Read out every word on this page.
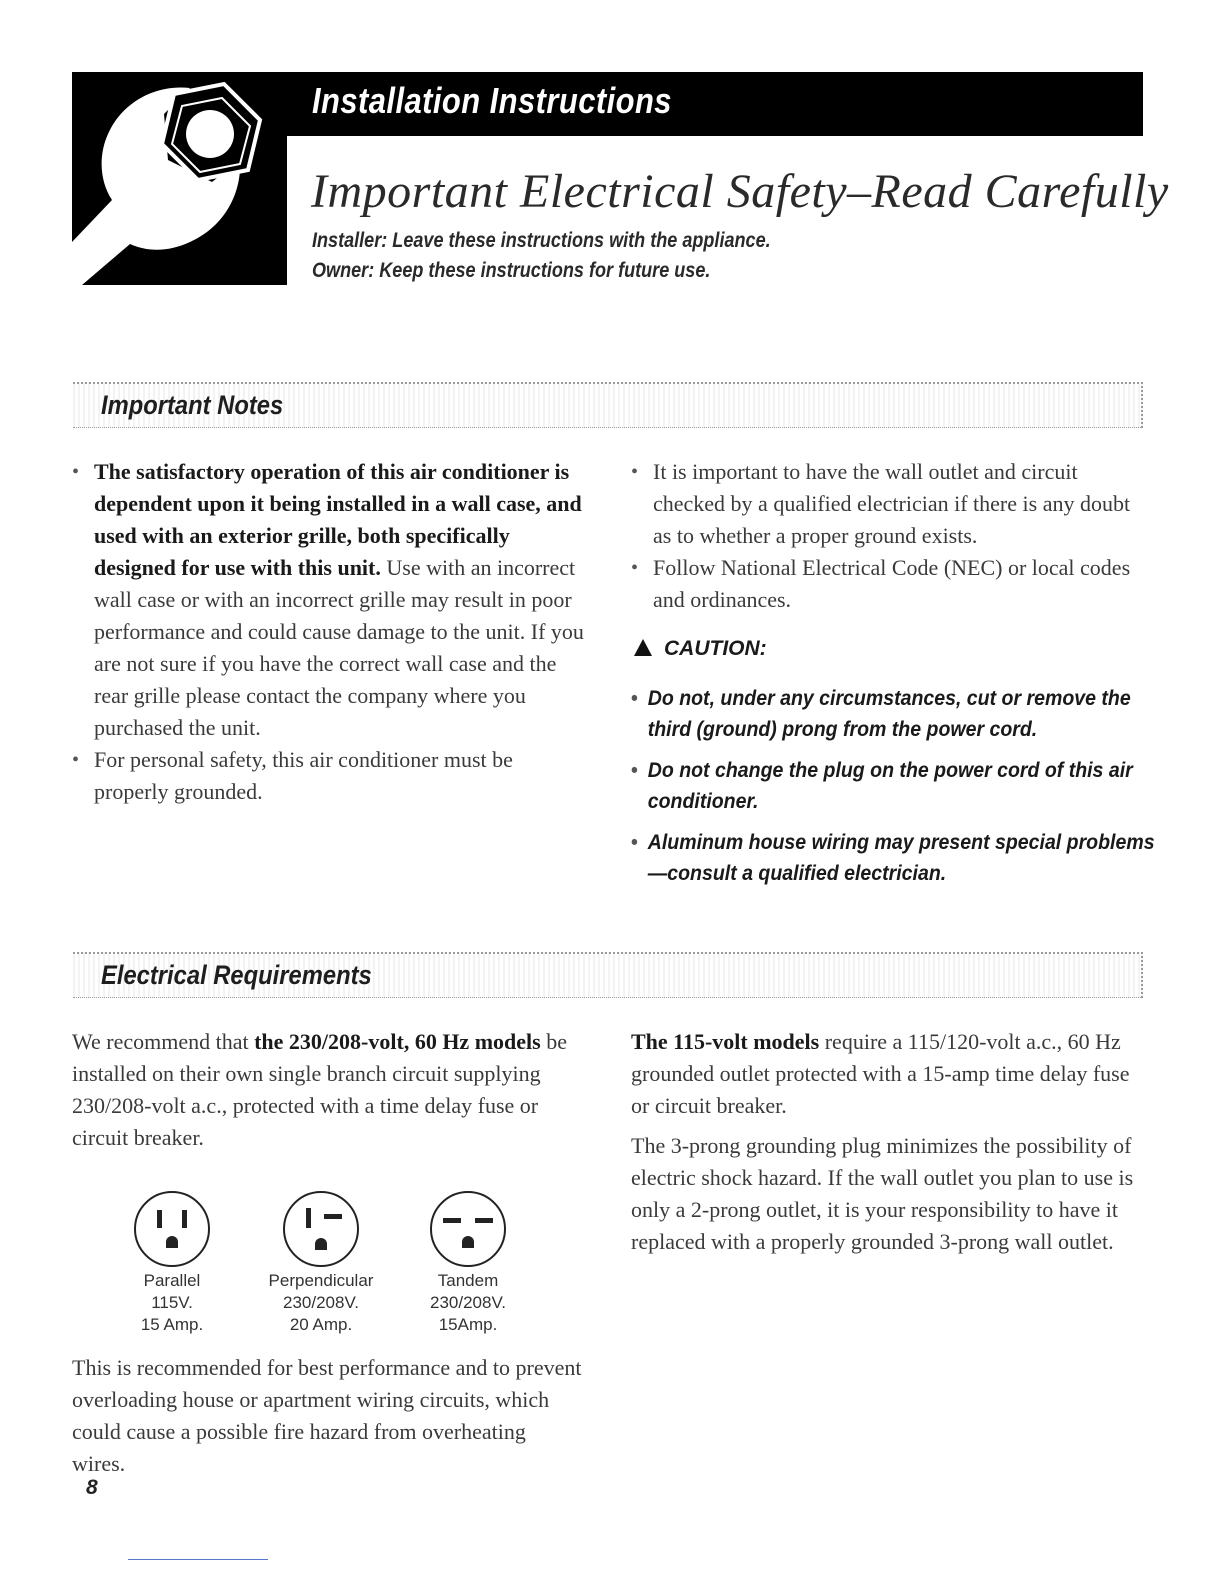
Installation Instructions
Important Electrical Safety–Read Carefully
Installer: Leave these instructions with the appliance.
Owner: Keep these instructions for future use.
Important Notes

• The satisfactory operation of this air conditioner is dependent upon it being installed in a wall case, and used with an exterior grille, both specifically designed for use with this unit. Use with an incorrect wall case or with an incorrect grille may result in poor performance and could cause damage to the unit. If you are not sure if you have the correct wall case and the rear grille please contact the company where you purchased the unit.

• For personal safety, this air conditioner must be properly grounded.

• It is important to have the wall outlet and circuit checked by a qualified electrician if there is any doubt as to whether a proper ground exists.

• Follow National Electrical Code (NEC) or local codes and ordinances.

CAUTION:
• Do not, under any circumstances, cut or remove the third (ground) prong from the power cord.
• Do not change the plug on the power cord of this air conditioner.
• Aluminum house wiring may present special problems—consult a qualified electrician.
Electrical Requirements

We recommend that the 230/208-volt, 60 Hz models be installed on their own single branch circuit supplying 230/208-volt a.c., protected with a time delay fuse or circuit breaker.

Parallel
115V.
15 Amp.
Perpendicular
230/208V.
20 Amp.
Tandem
230/208V.
15Amp.

This is recommended for best performance and to prevent overloading house or apartment wiring circuits, which could cause a possible fire hazard from overheating wires.

The 115-volt models require a 115/120-volt a.c., 60 Hz grounded outlet protected with a 15-amp time delay fuse or circuit breaker.

The 3-prong grounding plug minimizes the possibility of electric shock hazard. If the wall outlet you plan to use is only a 2-prong outlet, it is your responsibility to have it replaced with a properly grounded 3-prong wall outlet.

8
